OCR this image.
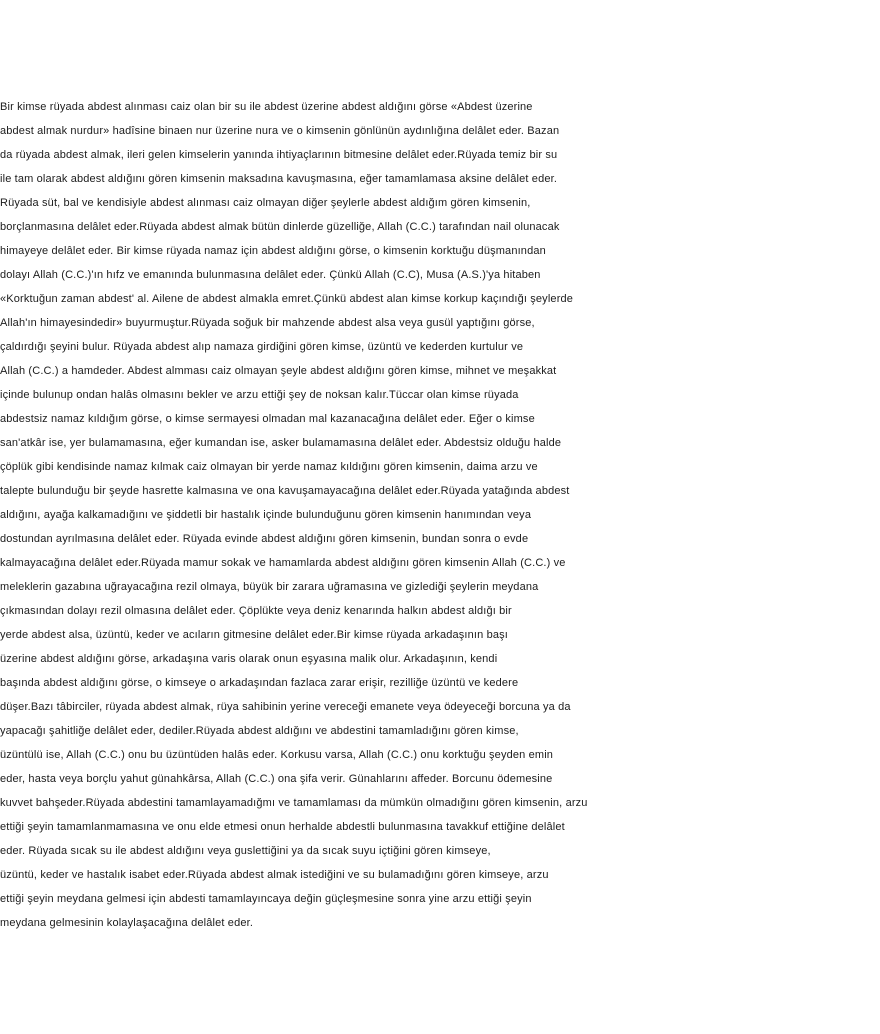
Bir kimse rüyada abdest alınması caiz olan bir su ile abdest üzerine abdest aldığını görse «Abdest üzerine
abdest almak nurdur» hadîsine binaen nur üzerine nura ve o kimsenin gönlünün aydınlığına delâlet eder. Bazan
da rüyada abdest almak, ileri gelen kimselerin yanında ihtiyaçlarının bitmesine delâlet eder.Rüyada temiz bir su
ile tam olarak abdest aldığını gören kimsenin maksadına kavuşmasına, eğer tamamlamasa aksine delâlet eder.
Rüyada süt, bal ve kendisiyle abdest alınması caiz olmayan diğer şeylerle abdest aldığım gören kimsenin,
borçlanmasına delâlet eder.Rüyada abdest almak bütün dinlerde güzelliğe, Allah (C.C.) tarafından nail olunacak
himayeye delâlet eder. Bir kimse rüyada namaz için abdest aldığını görse, o kimsenin korktuğu düşmanından
dolayı Allah (C.C.)'ın hıfz ve emanında bulunmasına delâlet eder. Çünkü Allah (C.C), Musa (A.S.)'ya hitaben
«Korktuğun zaman abdest' al. Ailene de abdest almakla emret.Çünkü abdest alan kimse korkup kaçındığı şeylerde
Allah'ın himayesindedir» buyurmuştur.Rüyada soğuk bir mahzende abdest alsa veya gusül yaptığını görse,
çaldırdığı şeyini bulur. Rüyada abdest alıp namaza girdiğini gören kimse, üzüntü ve kederden kurtulur ve
Allah (C.C.) a hamdeder. Abdest almması caiz olmayan şeyle abdest aldığını gören kimse, mihnet ve meşakkat
içinde bulunup ondan halâs olmasını bekler ve arzu ettiği şey de noksan kalır.Tüccar olan kimse rüyada
abdestsiz namaz kıldığım görse, o kimse sermayesi olmadan mal kazanacağına delâlet eder. Eğer o kimse
san'atkâr ise, yer bulamamasına, eğer kumandan ise, asker bulamamasına delâlet eder. Abdestsiz olduğu halde
çöplük gibi kendisinde namaz kılmak caiz olmayan bir yerde namaz kıldığını gören kimsenin, daima arzu ve
talepte bulunduğu bir şeyde hasrette kalmasına ve ona kavuşamayacağına delâlet eder.Rüyada yatağında abdest
aldığını, ayağa kalkamadığını ve şiddetli bir hastalık içinde bulunduğunu gören kimsenin hanımından veya
dostundan ayrılmasına delâlet eder. Rüyada evinde abdest aldığını gören kimsenin, bundan sonra o evde
kalmayacağına delâlet eder.Rüyada mamur sokak ve hamamlarda abdest aldığını gören kimsenin Allah (C.C.) ve
meleklerin gazabına uğrayacağına rezil olmaya, büyük bir zarara uğramasına ve gizlediği şeylerin meydana
çıkmasından dolayı rezil olmasına delâlet eder. Çöplükte veya deniz kenarında halkın abdest aldığı bir
yerde abdest alsa, üzüntü, keder ve acıların gitmesine delâlet eder.Bir kimse rüyada arkadaşının başı
üzerine abdest aldığını görse, arkadaşına varis olarak onun eşyasına malik olur. Arkadaşının, kendi
başında abdest aldığını görse, o kimseye o arkadaşından fazlaca zarar erişir, rezilliğe üzüntü ve kedere
düşer.Bazı tâbirciler, rüyada abdest almak, rüya sahibinin yerine vereceği emanete veya ödeyeceği borcuna ya da
yapacağı şahitliğe delâlet eder, dediler.Rüyada abdest aldığını ve abdestini tamamladığını gören kimse,
üzüntülü ise, Allah (C.C.) onu bu üzüntüden halâs eder. Korkusu varsa, Allah (C.C.) onu korktuğu şeyden emin
eder, hasta veya borçlu yahut günahkârsa, Allah (C.C.) ona şifa verir. Günahlarını affeder. Borcunu ödemesine
kuvvet bahşeder.Rüyada abdestini tamamlayamadığmı ve tamamlaması da mümkün olmadığını gören kimsenin, arzu
ettiği şeyin tamamlanmamasına ve onu elde etmesi onun herhalde abdestli bulunmasına tavakkuf ettiğine delâlet
eder. Rüyada sıcak su ile abdest aldığını veya guslettiğini ya da sıcak suyu içtiğini gören kimseye,
üzüntü, keder ve hastalık isabet eder.Rüyada abdest almak istediğini ve su bulamadığını gören kimseye, arzu
ettiği şeyin meydana gelmesi için abdesti tamamlayıncaya değin güçleşmesine sonra yine arzu ettiği şeyin
meydana gelmesinin kolaylaşacağına delâlet eder.
